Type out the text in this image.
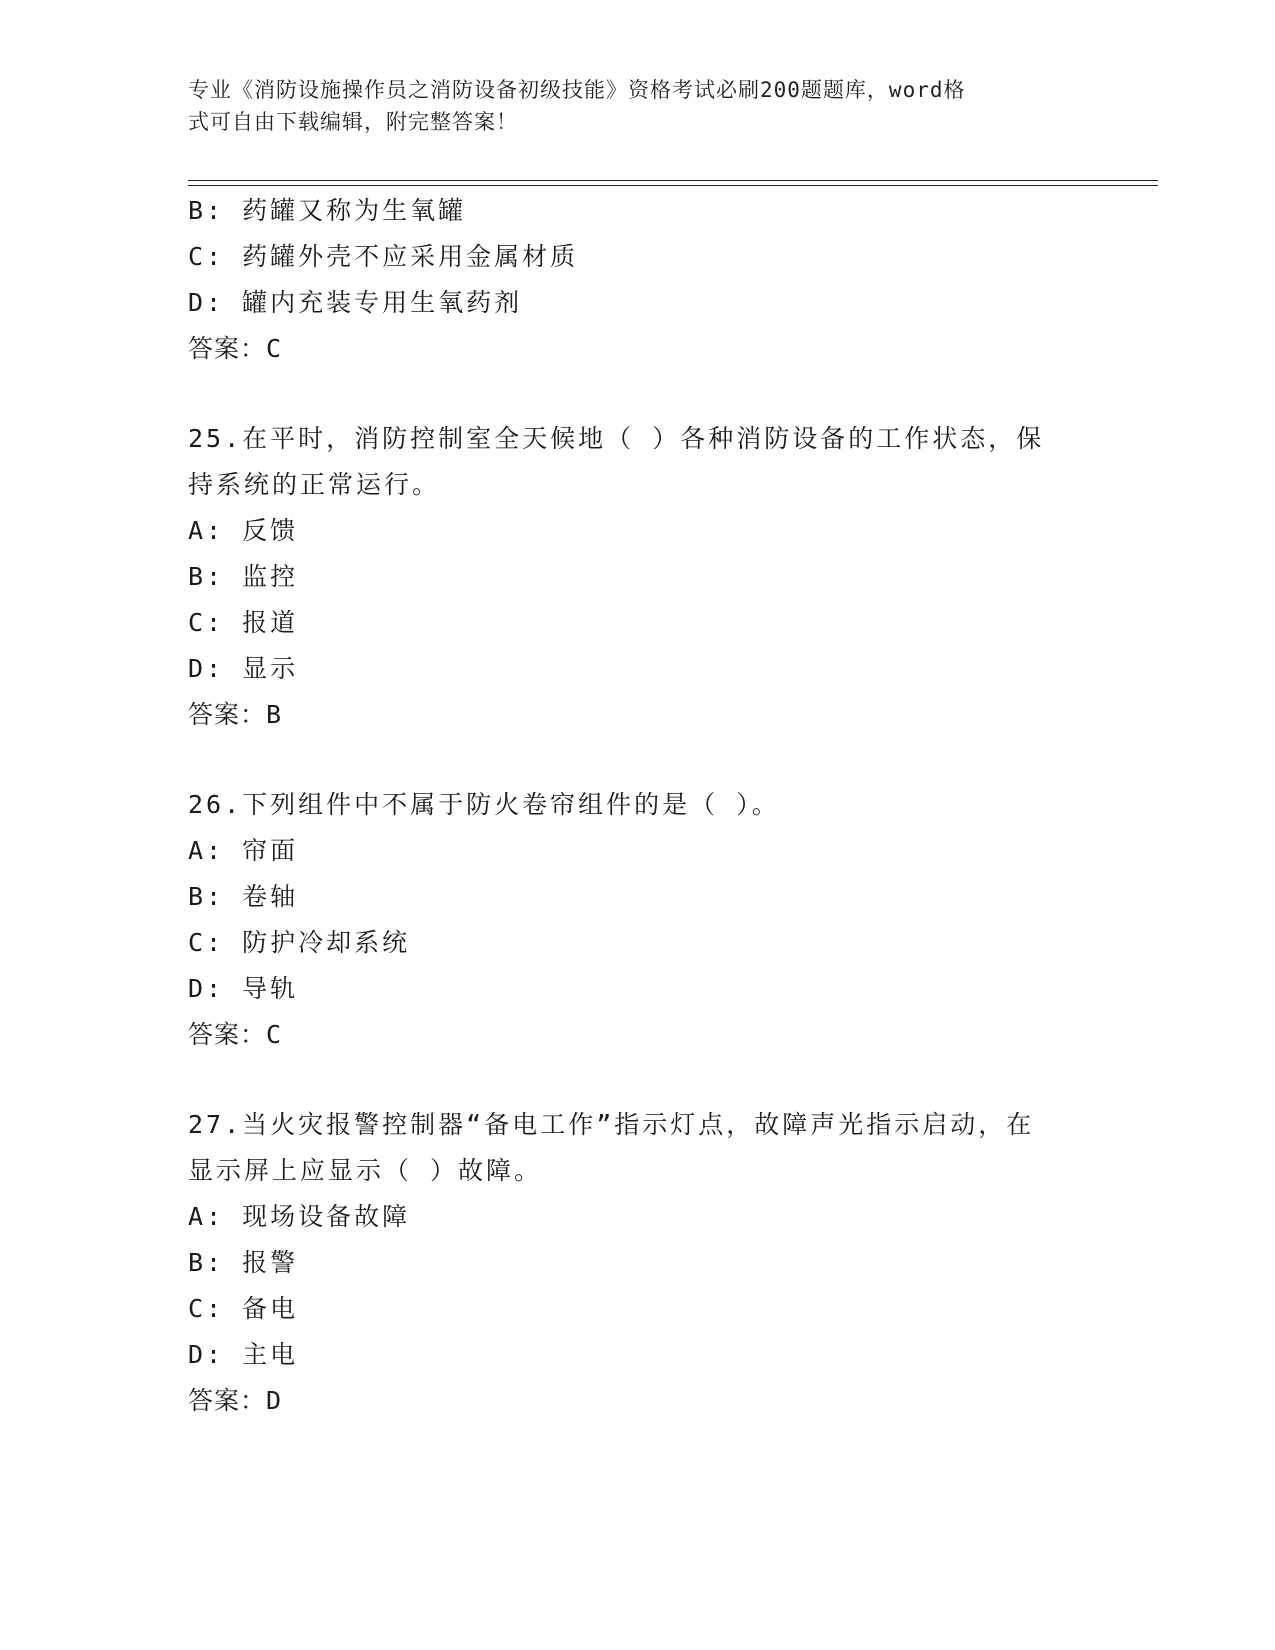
专业《消防设施操作员之消防设备初级技能》资格考试必刷200题题库，word格
式可自由下载编辑，附完整答案！
B: 药罐又称为生氧罐
C: 药罐外壳不应采用金属材质
D: 罐内充装专用生氧药剂
答案：C
25.在平时，消防控制室全天候地（ ）各种消防设备的工作状态，保
持系统的正常运行。
A: 反馈
B: 监控
C: 报道
D: 显示
答案：B
26.下列组件中不属于防火卷帘组件的是（ ）。
A: 帘面
B: 卷轴
C: 防护冷却系统
D: 导轨
答案：C
27.当火灾报警控制器“备电工作”指示灯点，故障声光指示启动，在
显示屏上应显示（ ）故障。
A: 现场设备故障
B: 报警
C: 备电
D: 主电
答案：D
